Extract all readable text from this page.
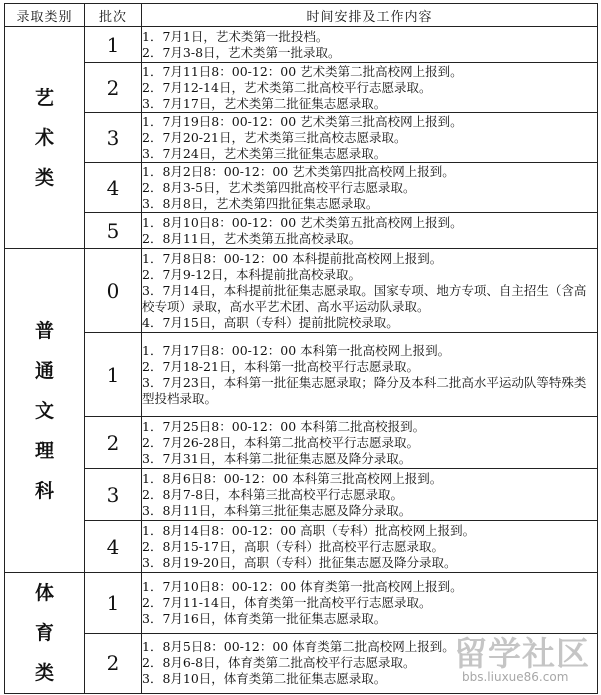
录取类别	批次	时间安排及工作内容

艺
术
类	1	1．7月1日，艺术类第一批投档。
2．7月3-8日，艺术类第一批录取。

	2	1．7月11日8：00-12：00 艺术类第二批高校网上报到。
2．7月12-14日，艺术类第二批高校平行志愿录取。
3．7月17日，艺术类第二批征集志愿录取。

	3	1．7月19日8：00-12：00 艺术类第三批高校网上报到。
2．7月20-21日，艺术类第三批高校志愿录取。
3．7月24日，艺术类第三批征集志愿录取。

	4	1．8月2日8：00-12：00 艺术类第四批高校网上报到。
2．8月3-5日，艺术类第四批高校平行志愿录取。
3．8月8日，艺术类第四批征集志愿录取。

	5	1．8月10日8：00-12：00 艺术类第五批高校网上报到。
2．8月11日，艺术类第五批高校录取。

普
通
文
理
科	0	1．7月8日8：00-12：00 本科提前批高校网上报到。
2．7月9-12日，本科提前批高校录取。
3．7月14日，本科提前批征集志愿录取。国家专项、地方专项、自主招生（含高校专项）录取，高水平艺术团、高水平运动队录取。
4．7月15日，高职（专科）提前批院校录取。

	1	1．7月17日8：00-12：00 本科第一批高校网上报到。
2．7月18-21日，本科第一批高校平行志愿录取。
3．7月23日，本科第一批征集志愿录取；降分及本科二批高水平运动队等特殊类型投档录取。

	2	1．7月25日8：00-12：00 本科第二批高校报到。
2．7月26-28日，本科第二批高校平行志愿录取。
3．7月31日，本科第二批征集志愿及降分录取。

	3	1．8月6日8：00-12：00 本科第三批高校网上报到。
2．8月7-8日，本科第三批高校平行志愿录取。
3．8月11日，本科第三批征集志愿及降分录取。

	4	1．8月14日8：00-12：00 高职（专科）批高校网上报到。
2．8月15-17日，高职（专科）批高校平行志愿录取。
3．8月19-20日，高职（专科）批征集志愿及降分录取。

体
育
类	1	1．7月10日8：00-12：00 体育类第一批高校网上报到。
2．7月11-14日，体育类第一批高校平行志愿录取。
3．7月16日，体育类第一批征集志愿录取。

	2	1．8月5日8：00-12：00 体育类第二批高校网上报到。
2．8月6-8日，体育类第二批高校平行志愿录取。
3．8月10日，体育类第二批征集志愿录取。
留学社区
bbs.liuxue86.com
